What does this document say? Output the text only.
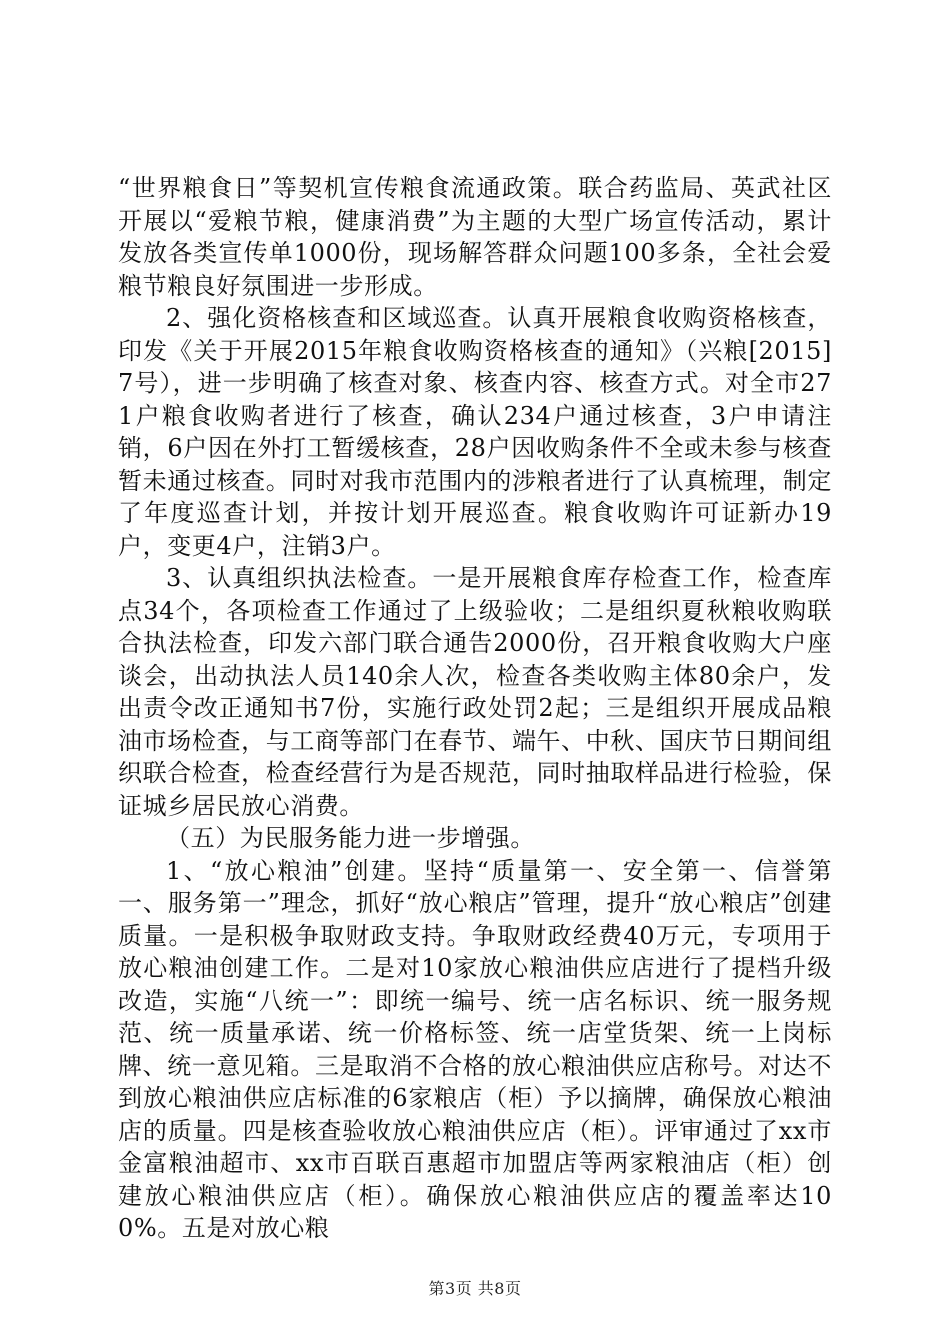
“世界粮食日”等契机宣传粮食流通政策。联合药监局、英武社区开展以“爱粮节粮，健康消费”为主题的大型广场宣传活动，累计发放各类宣传单1000份，现场解答群众问题100多条，全社会爱粮节粮良好氛围进一步形成。

2、强化资格核查和区域巡查。认真开展粮食收购资格核查，印发《关于开展2015年粮食收购资格核查的通知》（兴粮[2015]7号），进一步明确了核查对象、核查内容、核查方式。对全市271户粮食收购者进行了核查，确认234户通过核查，3户申请注销，6户因在外打工暂缓核查，28户因收购条件不全或未参与核查暂未通过核查。同时对我市范围内的涉粮者进行了认真梳理，制定了年度巡查计划，并按计划开展巡查。粮食收购许可证新办19户，变更4户，注销3户。

3、认真组织执法检查。一是开展粮食库存检查工作，检查库点34个，各项检查工作通过了上级验收；二是组织夏秋粮收购联合执法检查，印发六部门联合通告2000份，召开粮食收购大户座谈会，出动执法人员140余人次，检查各类收购主体80余户，发出责令改正通知书7份，实施行政处罚2起；三是组织开展成品粮油市场检查，与工商等部门在春节、端午、中秋、国庆节日期间组织联合检查，检查经营行为是否规范，同时抽取样品进行检验，保证城乡居民放心消费。

（五）为民服务能力进一步增强。

1、“放心粮油”创建。坚持“质量第一、安全第一、信誉第一、服务第一”理念，抓好“放心粮店”管理，提升“放心粮店”创建质量。一是积极争取财政支持。争取财政经费40万元，专项用于放心粮油创建工作。二是对10家放心粮油供应店进行了提档升级改造，实施“八统一”：即统一编号、统一店名标识、统一服务规范、统一质量承诺、统一价格标签、统一店堂货架、统一上岗标牌、统一意见箱。三是取消不合格的放心粮油供应店称号。对达不到放心粮油供应店标准的6家粮店（柜）予以摘牌，确保放心粮油店的质量。四是核查验收放心粮油供应店（柜）。评审通过了xx市金富粮油超市、xx市百联百惠超市加盟店等两家粮油店（柜）创建放心粮油供应店（柜）。确保放心粮油供应店的覆盖率达100%。五是对放心粮

第3页 共8页
